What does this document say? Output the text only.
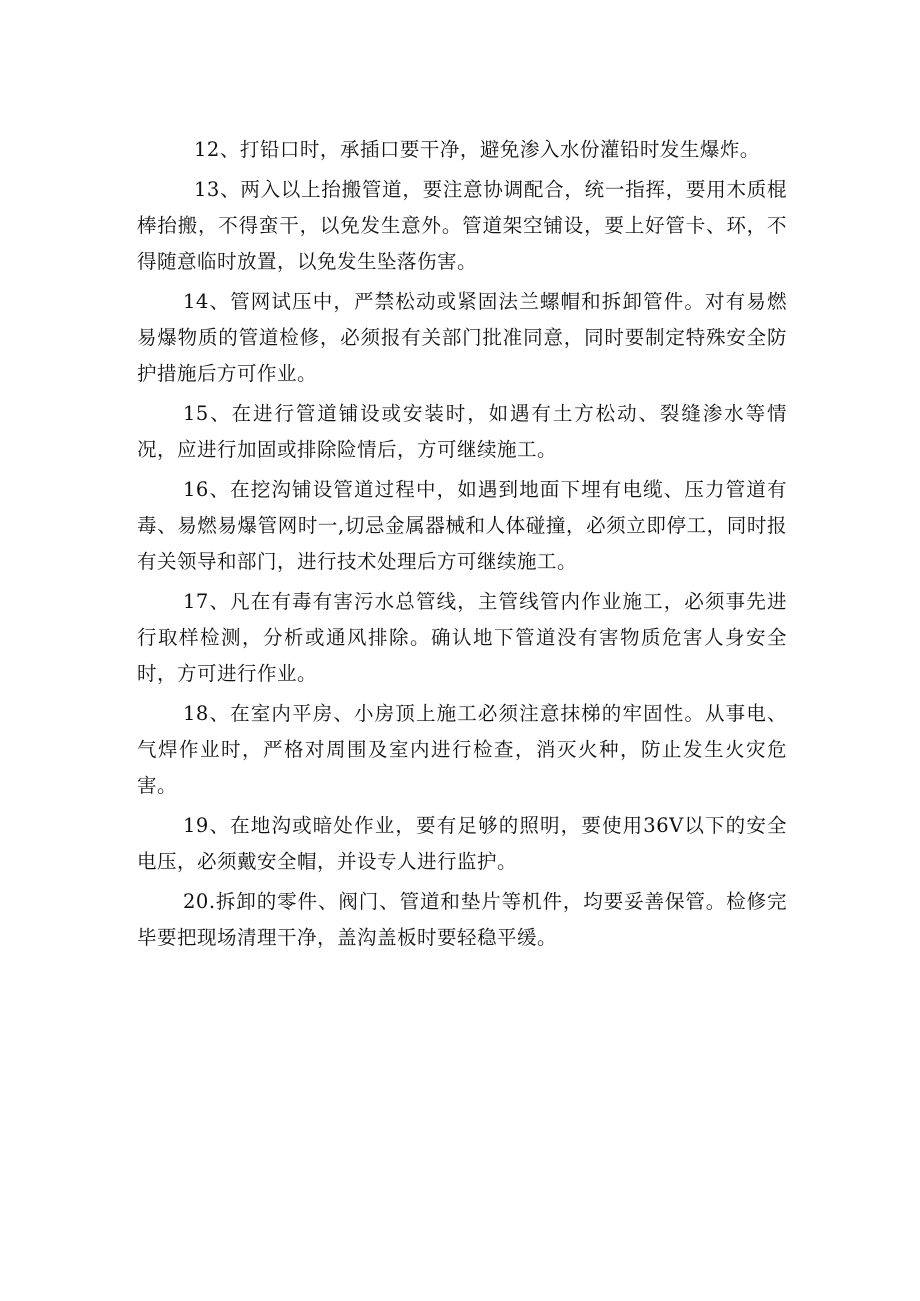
12、打铅口时，承插口要干净，避免渗入水份灌铅时发生爆炸。

13、两入以上抬搬管道，要注意协调配合，统一指挥，要用木质棍棒抬搬，不得蛮干，以免发生意外。管道架空铺设，要上好管卡、环，不得随意临时放置，以免发生坠落伤害。

14、管网试压中，严禁松动或紧固法兰螺帽和拆卸管件。对有易燃易爆物质的管道检修，必须报有关部门批准同意，同时要制定特殊安全防护措施后方可作业。

15、在进行管道铺设或安装时，如遇有土方松动、裂缝渗水等情况，应进行加固或排除险情后，方可继续施工。

16、在挖沟铺设管道过程中，如遇到地面下埋有电缆、压力管道有毒、易燃易爆管网时一,切忌金属器械和人体碰撞，必须立即停工，同时报有关领导和部门，进行技术处理后方可继续施工。

17、凡在有毒有害污水总管线，主管线管内作业施工，必须事先进行取样检测，分析或通风排除。确认地下管道没有害物质危害人身安全时，方可进行作业。

18、在室内平房、小房顶上施工必须注意抹梯的牢固性。从事电、气焊作业时，严格对周围及室内进行检查，消灭火种，防止发生火灾危害。

19、在地沟或暗处作业，要有足够的照明，要使用36V以下的安全电压，必须戴安全帽，并设专人进行监护。

20.拆卸的零件、阀门、管道和垫片等机件，均要妥善保管。检修完毕要把现场清理干净，盖沟盖板时要轻稳平缓。
